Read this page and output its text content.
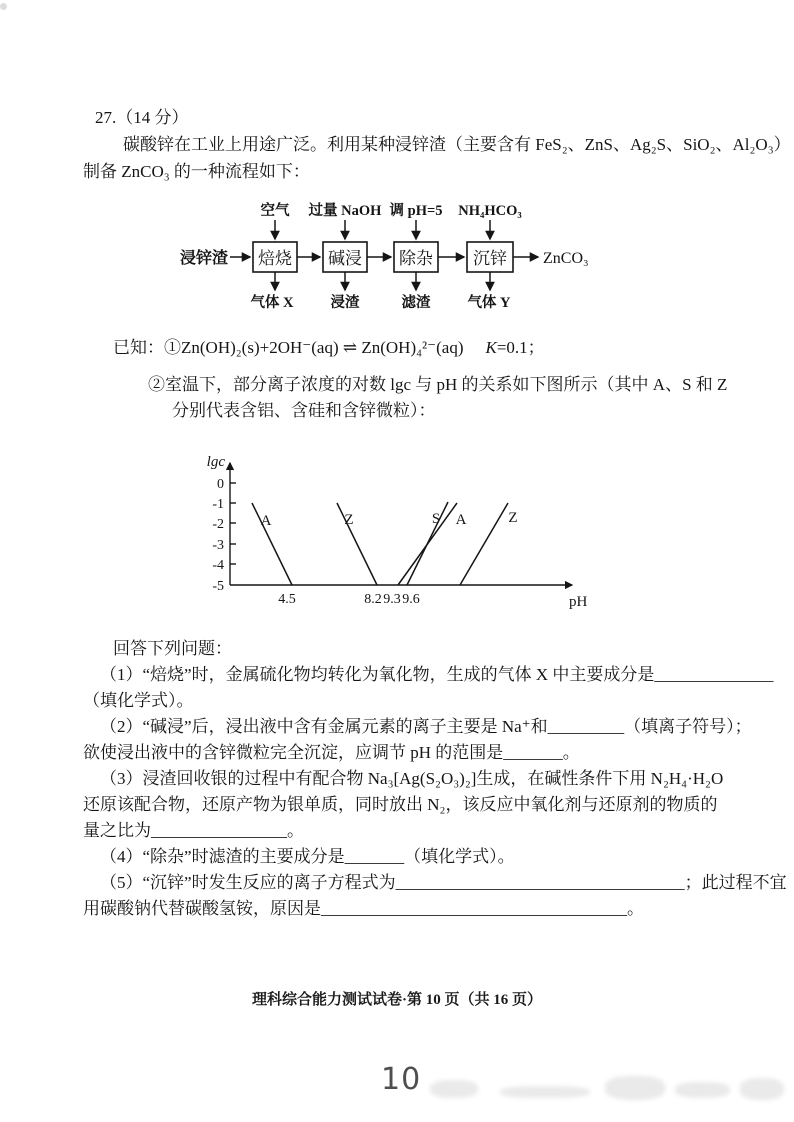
27.（14 分）
碳酸锌在工业上用途广泛。利用某种浸锌渣（主要含有 FeS₂、ZnS、Ag₂S、SiO₂、Al₂O₃）
制备 ZnCO₃ 的一种流程如下：
空气 过量 NaOH 调 pH=5 NH₄HCO₃
浸锌渣 焙烧 碱浸 除杂 沉锌 ZnCO₃
气体 X	浸渣	滤渣	气体 Y
已知：①Zn(OH)₂(s)+2OH⁻(aq) ⇌ Zn(OH)₄²⁻(aq) K=0.1；
②室温下，部分离子浓度的对数 lgc 与 pH 的关系如下图所示（其中 A、S 和 Z
分别代表含铝、含硅和含锌微粒）：
lgc
pH
0
-1
-2
-3
-4
-5
4.5	8.2 9.3 9.6
A	Z	S A	Z
回答下列问题：
（1）“焙烧”时，金属硫化物均转化为氧化物，生成的气体 X 中主要成分是______________
（填化学式）。
（2）“碱浸”后，浸出液中含有金属元素的离子主要是 Na⁺和_________（填离子符号）；
欲使浸出液中的含锌微粒完全沉淀，应调节 pH 的范围是_______。
（3）浸渣回收银的过程中有配合物 Na₃[Ag(S₂O₃)₂]生成，在碱性条件下用 N₂H₄·H₂O
还原该配合物，还原产物为银单质，同时放出 N₂，该反应中氧化剂与还原剂的物质的
量之比为________________。
（4）“除杂”时滤渣的主要成分是_______（填化学式）。
（5）“沉锌”时发生反应的离子方程式为__________________________________；此过程不宜
用碳酸钠代替碳酸氢铵，原因是____________________________________。
理科综合能力测试试卷·第 10 页（共 16 页）
10
